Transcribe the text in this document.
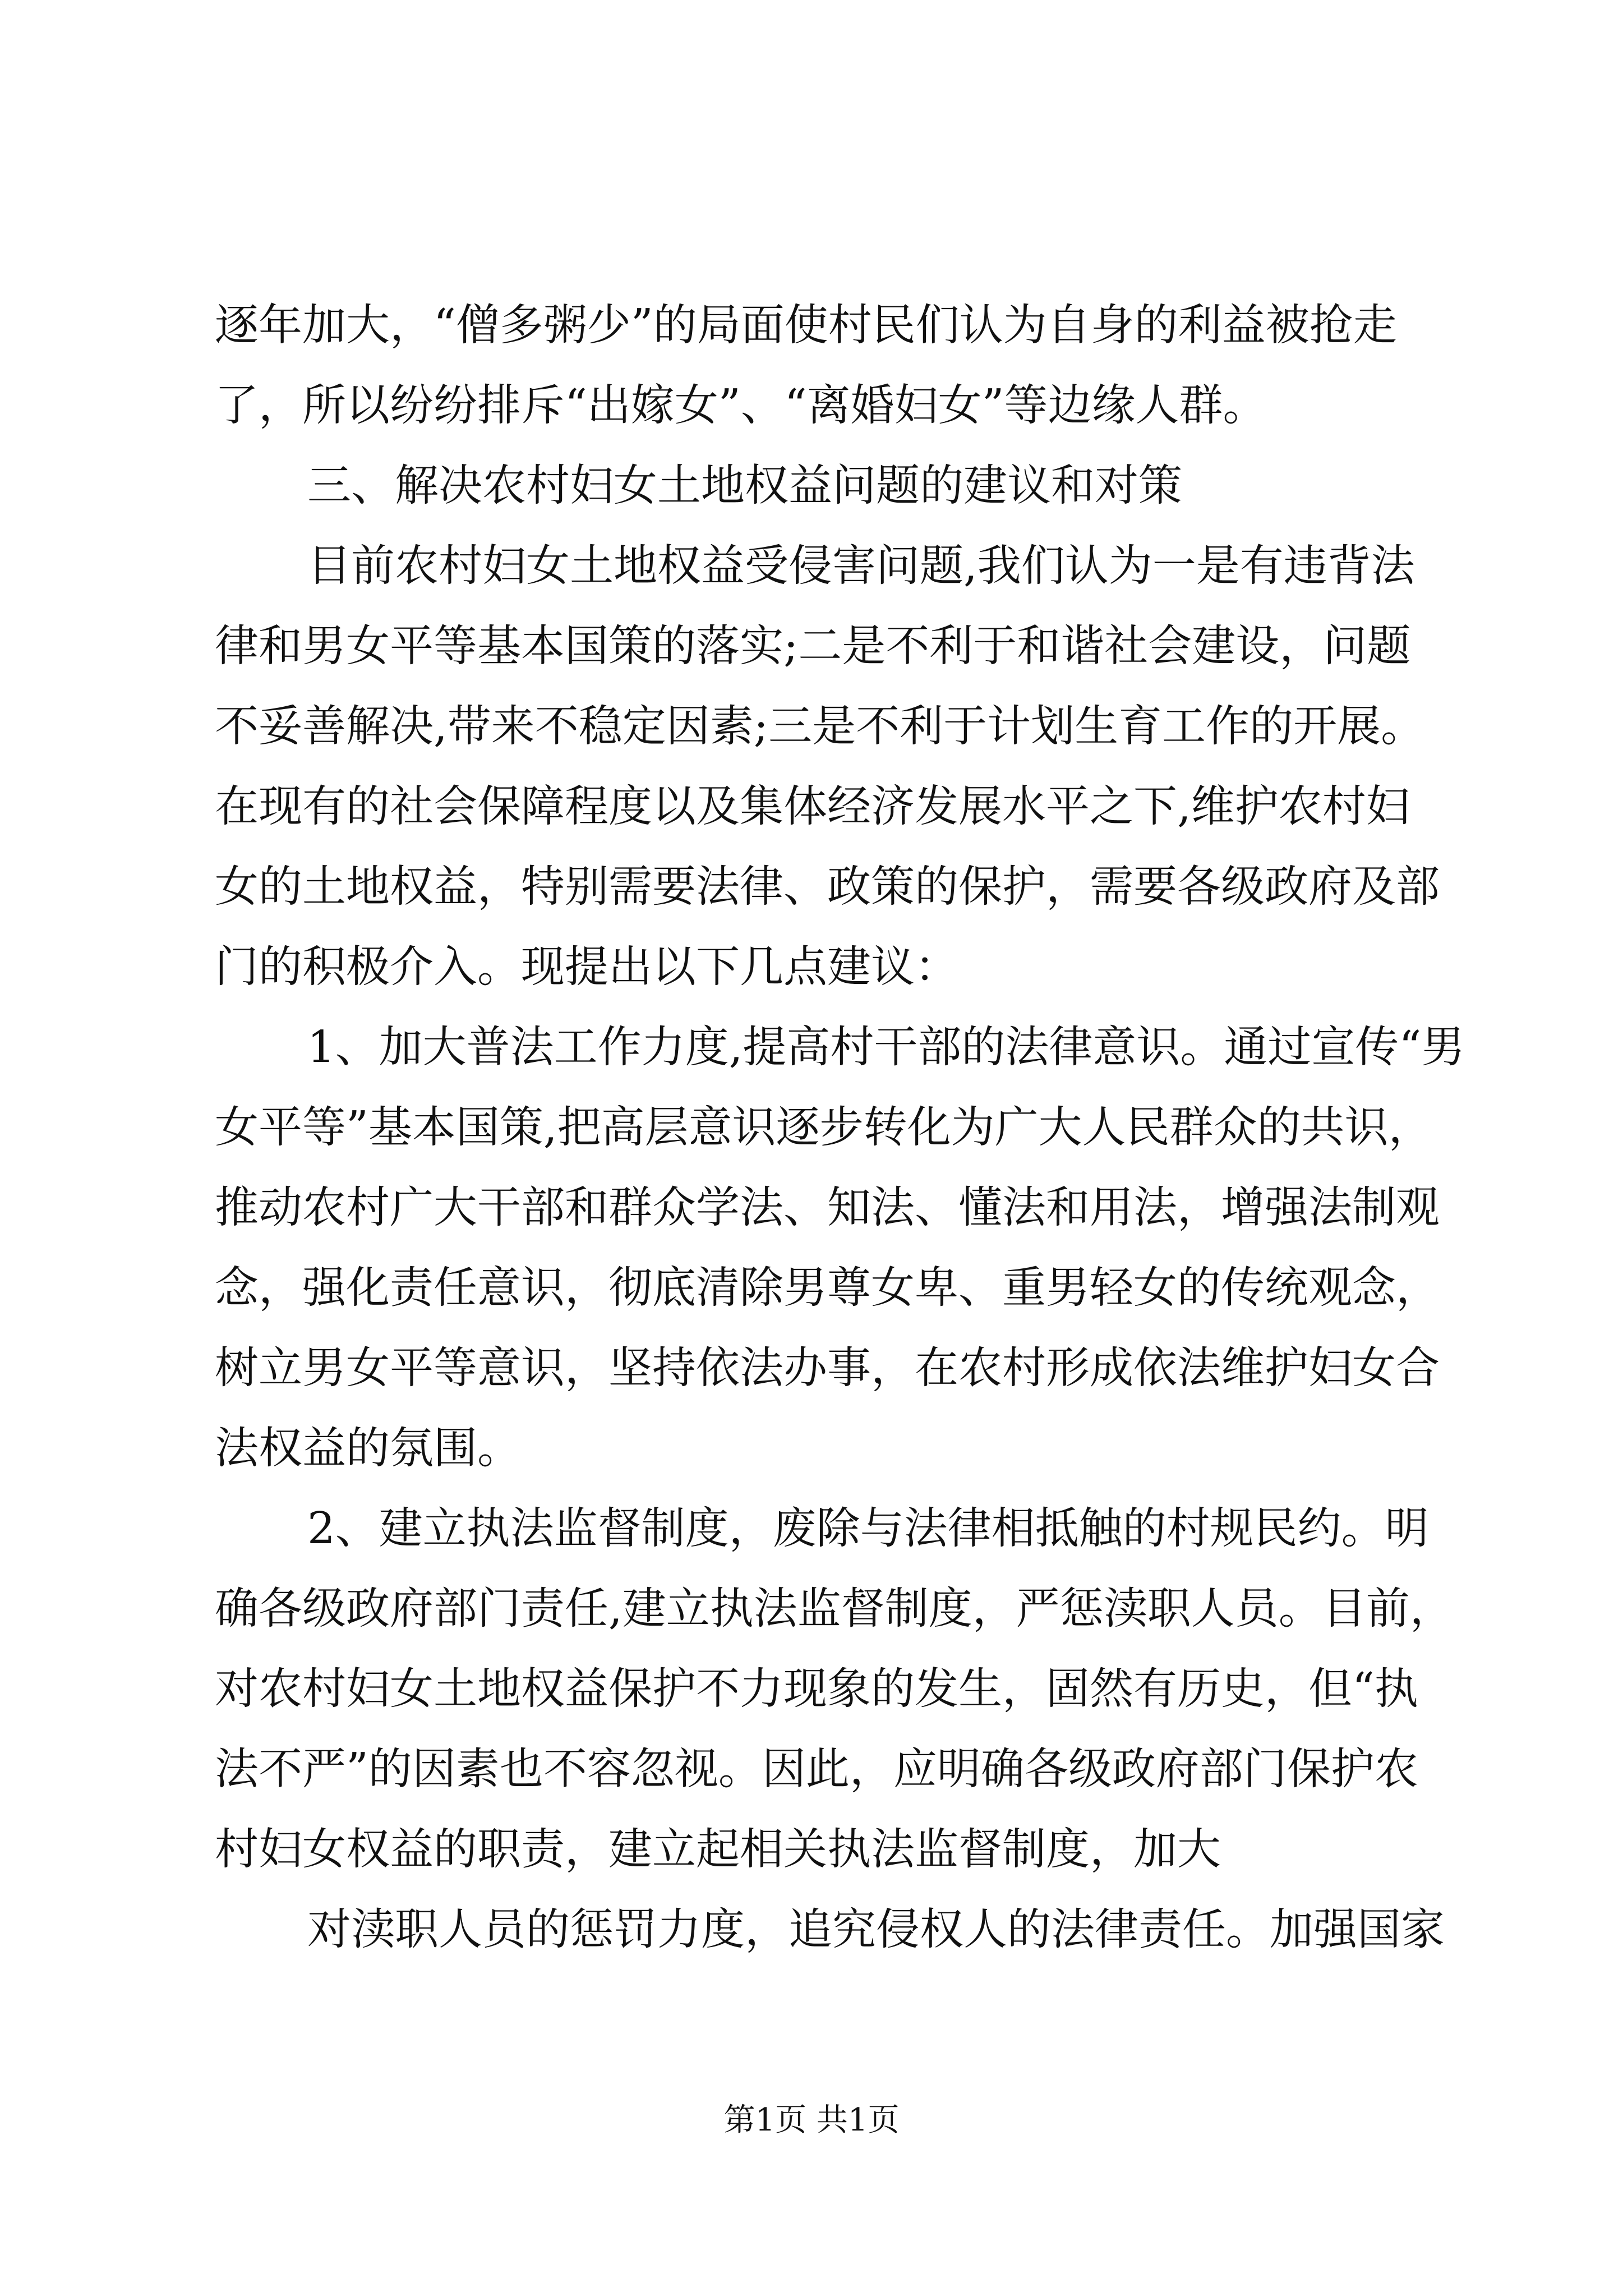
逐年加大，“僧多粥少”的局面使村民们认为自身的利益被抢走
了，所以纷纷排斥“出嫁女”、“离婚妇女”等边缘人群。
三、解决农村妇女土地权益问题的建议和对策
目前农村妇女土地权益受侵害问题,我们认为一是有违背法
律和男女平等基本国策的落实;二是不利于和谐社会建设，问题
不妥善解决,带来不稳定因素;三是不利于计划生育工作的开展。
在现有的社会保障程度以及集体经济发展水平之下,维护农村妇
女的土地权益，特别需要法律、政策的保护，需要各级政府及部
门的积极介入。现提出以下几点建议：
1、加大普法工作力度,提高村干部的法律意识。通过宣传“男
女平等”基本国策,把高层意识逐步转化为广大人民群众的共识，
推动农村广大干部和群众学法、知法、懂法和用法，增强法制观
念，强化责任意识，彻底清除男尊女卑、重男轻女的传统观念，
树立男女平等意识，坚持依法办事，在农村形成依法维护妇女合
法权益的氛围。
2、建立执法监督制度，废除与法律相抵触的村规民约。明
确各级政府部门责任,建立执法监督制度，严惩渎职人员。目前，
对农村妇女土地权益保护不力现象的发生，固然有历史，但“执
法不严”的因素也不容忽视。因此，应明确各级政府部门保护农
村妇女权益的职责，建立起相关执法监督制度，加大
对渎职人员的惩罚力度，追究侵权人的法律责任。加强国家
第1页 共1页
